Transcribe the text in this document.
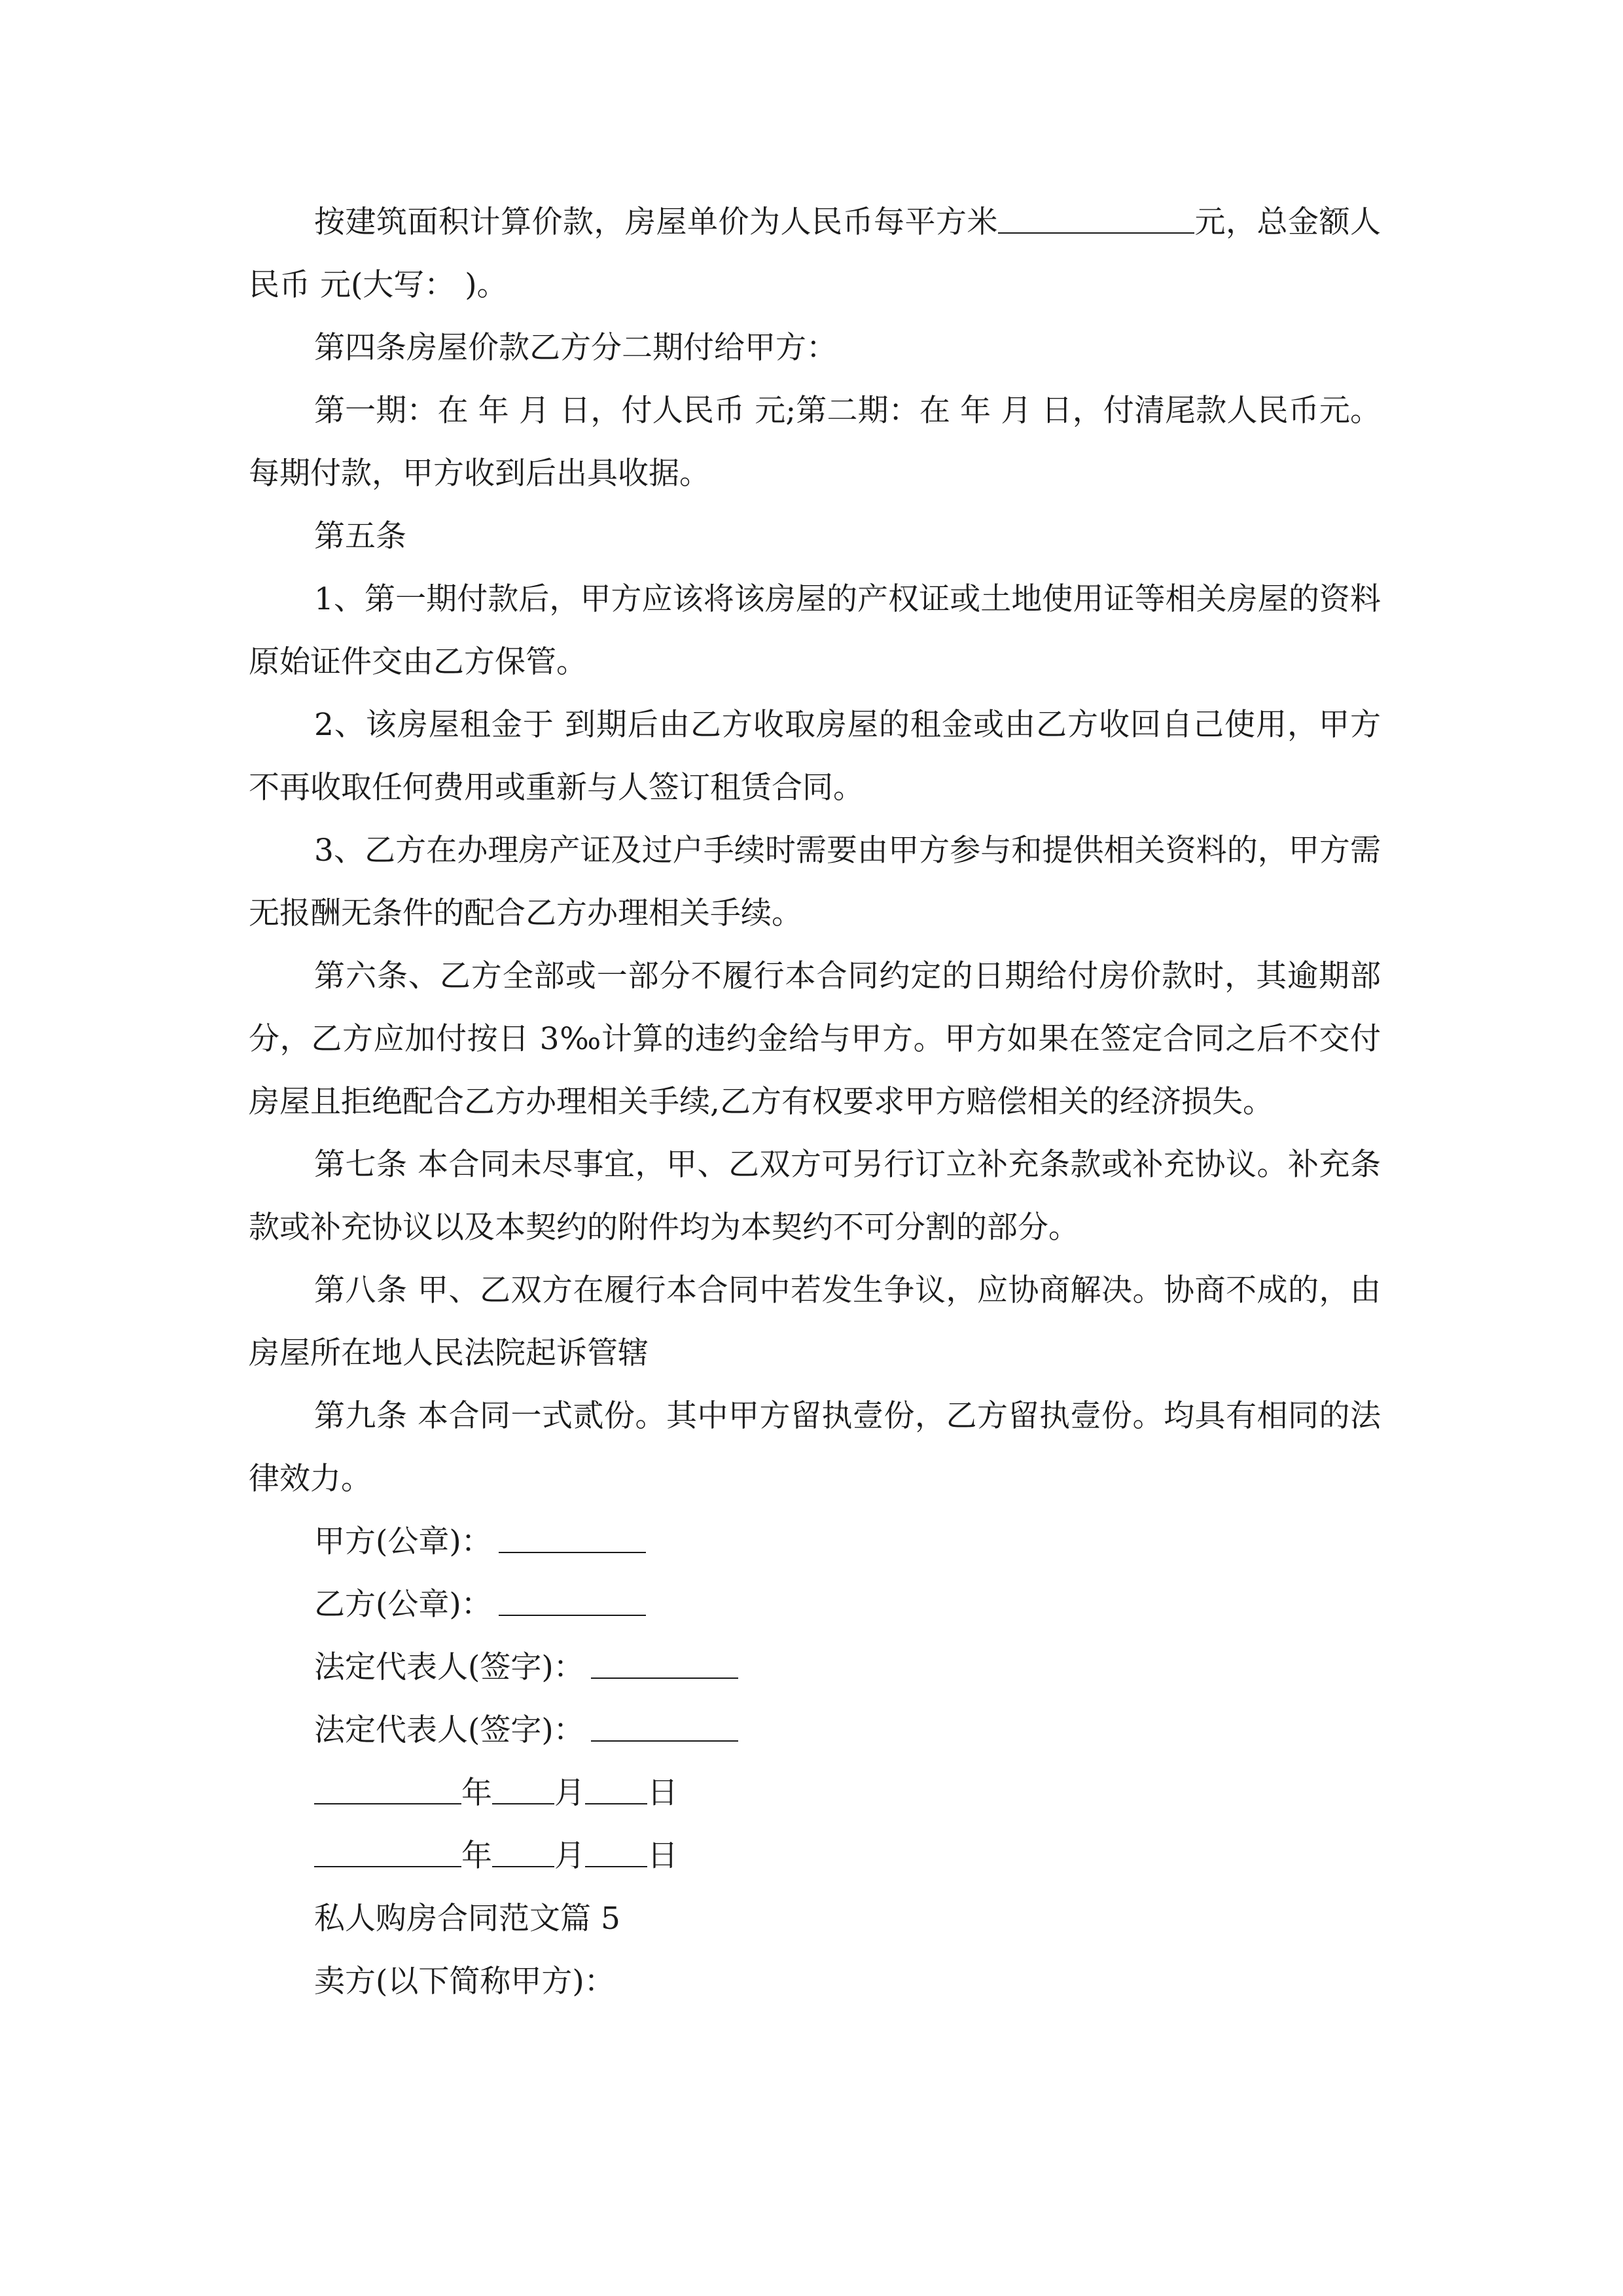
按建筑面积计算价款，房屋单价为人民币每平方米	元，总金额人民币 元(大写： )。

第四条房屋价款乙方分二期付给甲方：

第一期：在 年 月 日，付人民币 元;第二期：在 年 月 日，付清尾款人民币元。 每期付款，甲方收到后出具收据。

第五条

1、第一期付款后，甲方应该将该房屋的产权证或土地使用证等相关房屋的资料原始证件交由乙方保管。

2、该房屋租金于 到期后由乙方收取房屋的租金或由乙方收回自己使用，甲方不再收取任何费用或重新与人签订租赁合同。

3、乙方在办理房产证及过户手续时需要由甲方参与和提供相关资料的，甲方需无报酬无条件的配合乙方办理相关手续。

第六条、乙方全部或一部分不履行本合同约定的日期给付房价款时，其逾期部分，乙方应加付按日 3‰计算的违约金给与甲方。甲方如果在签定合同之后不交付房屋且拒绝配合乙方办理相关手续,乙方有权要求甲方赔偿相关的经济损失。

第七条 本合同未尽事宜，甲、乙双方可另行订立补充条款或补充协议。补充条款或补充协议以及本契约的附件均为本契约不可分割的部分。

第八条 甲、乙双方在履行本合同中若发生争议，应协商解决。协商不成的，由房屋所在地人民法院起诉管辖

第九条 本合同一式贰份。其中甲方留执壹份，乙方留执壹份。均具有相同的法律效力。

甲方(公章)：

乙方(公章)：

法定代表人(签字)：

法定代表人(签字)：

年 月 日

年 月 日

私人购房合同范文篇 5

卖方(以下简称甲方)：
